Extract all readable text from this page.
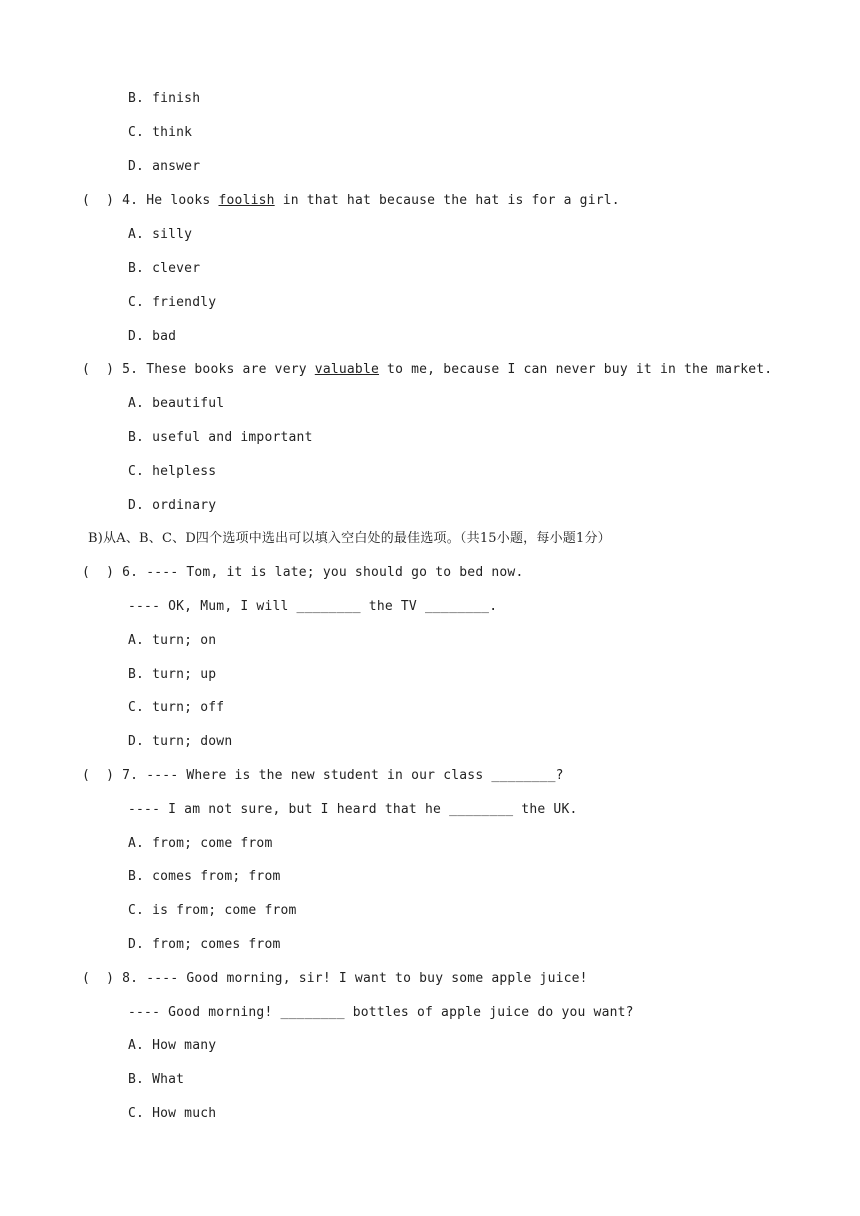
B. finish
C. think
D. answer
(  ) 4. He looks foolish in that hat because the hat is for a girl.
A. silly
B. clever
C. friendly
D. bad
(  ) 5. These books are very valuable to me, because I can never buy it in the market.
A. beautiful
B. useful and important
C. helpless
D. ordinary
B)从A、B、C、D四个选项中选出可以填入空白处的最佳选项。（共15小题，每小题1分）
(  ) 6. ---- Tom, it is late; you should go to bed now.
---- OK, Mum, I will ________ the TV ________.
A. turn; on
B. turn; up
C. turn; off
D. turn; down
(  ) 7. ---- Where is the new student in our class ________?
---- I am not sure, but I heard that he ________ the UK.
A. from; come from
B. comes from; from
C. is from; come from
D. from; comes from
(  ) 8. ---- Good morning, sir! I want to buy some apple juice!
---- Good morning! ________ bottles of apple juice do you want?
A. How many
B. What
C. How much
